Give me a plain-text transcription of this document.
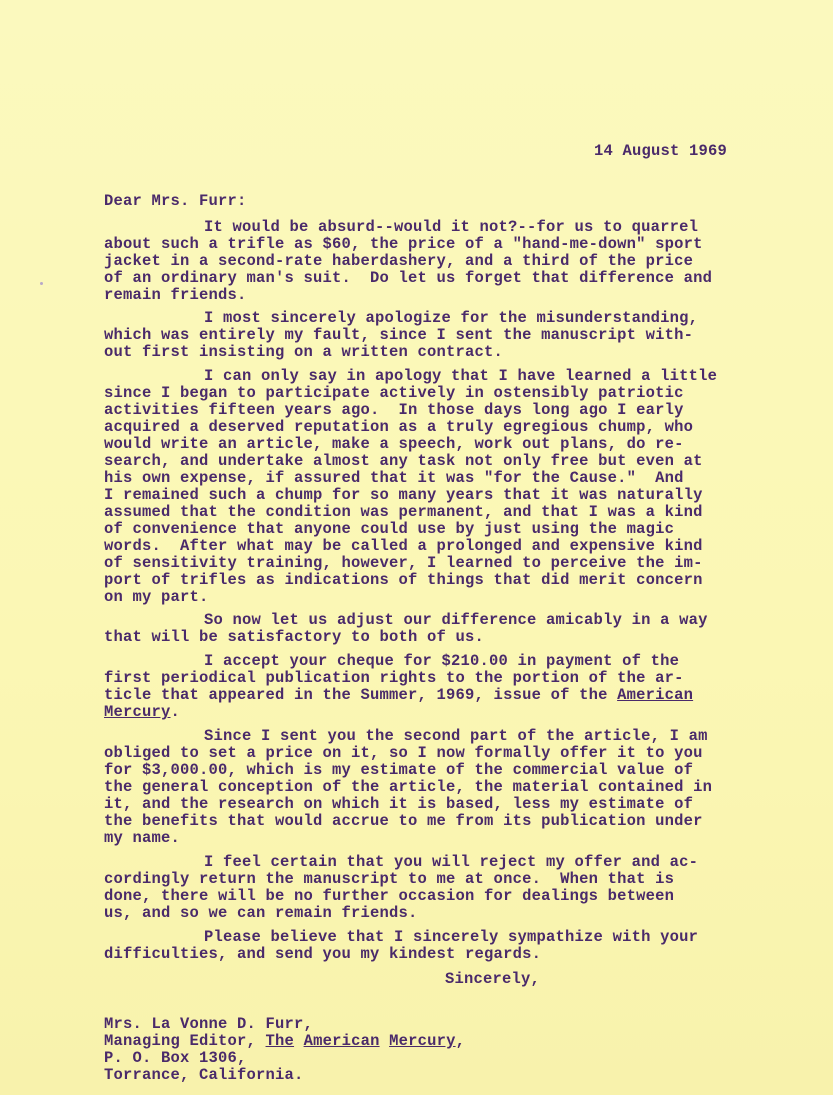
14 August 1969
Dear Mrs. Furr:
It would be absurd--would it not?--for us to quarrel
about such a trifle as $60, the price of a "hand-me-down" sport
jacket in a second-rate haberdashery, and a third of the price
of an ordinary man's suit.  Do let us forget that difference and
remain friends.
I most sincerely apologize for the misunderstanding,
which was entirely my fault, since I sent the manuscript with-
out first insisting on a written contract.
I can only say in apology that I have learned a little
since I began to participate actively in ostensibly patriotic
activities fifteen years ago.  In those days long ago I early
acquired a deserved reputation as a truly egregious chump, who
would write an article, make a speech, work out plans, do re-
search, and undertake almost any task not only free but even at
his own expense, if assured that it was "for the Cause."  And
I remained such a chump for so many years that it was naturally
assumed that the condition was permanent, and that I was a kind
of convenience that anyone could use by just using the magic
words.  After what may be called a prolonged and expensive kind
of sensitivity training, however, I learned to perceive the im-
port of trifles as indications of things that did merit concern
on my part.
So now let us adjust our difference amicably in a way
that will be satisfactory to both of us.
I accept your cheque for $210.00 in payment of the
first periodical publication rights to the portion of the ar-
ticle that appeared in the Summer, 1969, issue of the American
Mercury.
Since I sent you the second part of the article, I am
obliged to set a price on it, so I now formally offer it to you
for $3,000.00, which is my estimate of the commercial value of
the general conception of the article, the material contained in
it, and the research on which it is based, less my estimate of
the benefits that would accrue to me from its publication under
my name.
I feel certain that you will reject my offer and ac-
cordingly return the manuscript to me at once.  When that is
done, there will be no further occasion for dealings between
us, and so we can remain friends.
Please believe that I sincerely sympathize with your
difficulties, and send you my kindest regards.
Sincerely,
Mrs. La Vonne D. Furr,
Managing Editor, The American Mercury,
P. O. Box 1306,
Torrance, California.
